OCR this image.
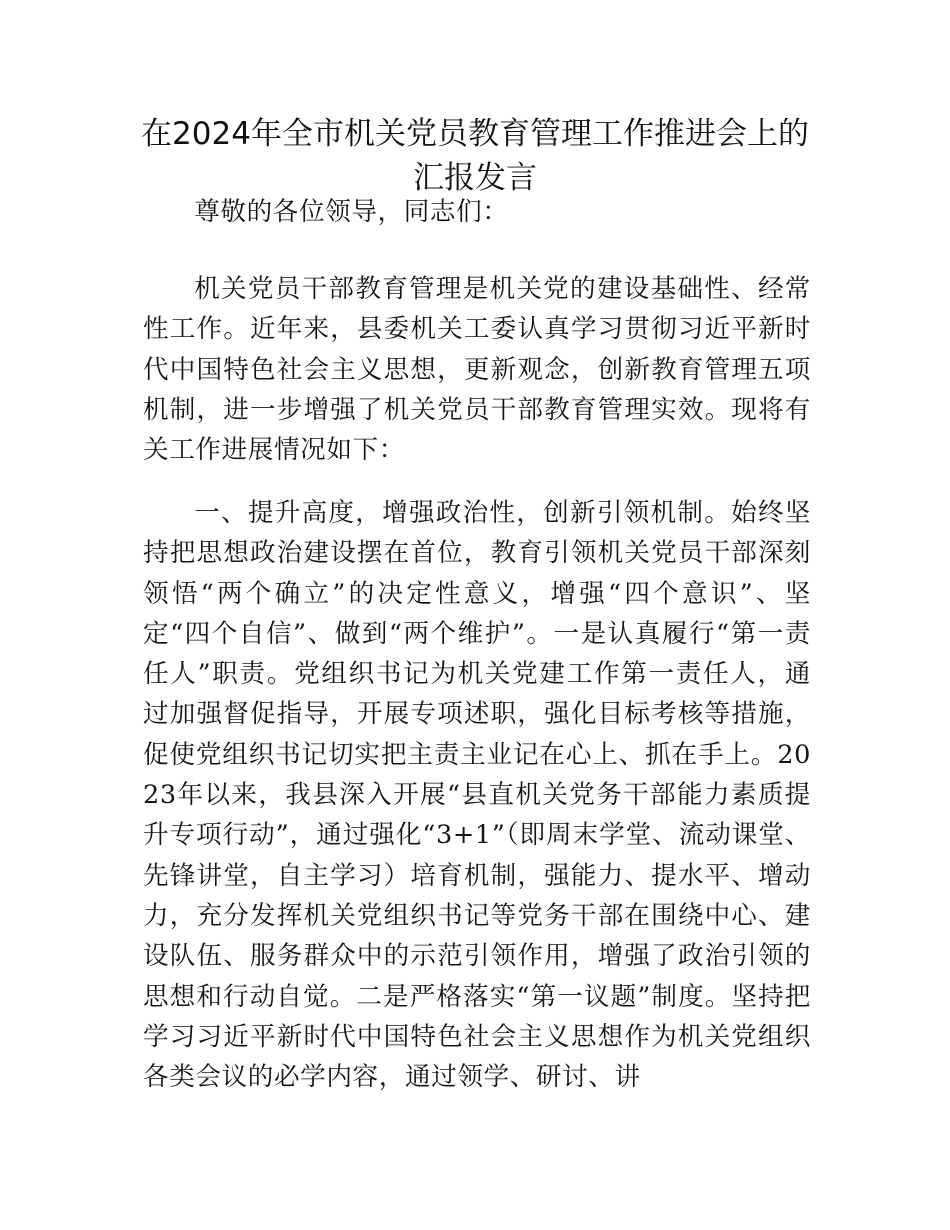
在2024年全市机关党员教育管理工作推进会上的汇报发言

尊敬的各位领导，同志们：

机关党员干部教育管理是机关党的建设基础性、经常性工作。近年来，县委机关工委认真学习贯彻习近平新时代中国特色社会主义思想，更新观念，创新教育管理五项机制，进一步增强了机关党员干部教育管理实效。现将有关工作进展情况如下：

一、提升高度，增强政治性，创新引领机制。始终坚持把思想政治建设摆在首位，教育引领机关党员干部深刻领悟“两个确立”的决定性意义，增强“四个意识”、坚定“四个自信”、做到“两个维护”。一是认真履行“第一责任人”职责。党组织书记为机关党建工作第一责任人，通过加强督促指导，开展专项述职，强化目标考核等措施，促使党组织书记切实把主责主业记在心上、抓在手上。2023年以来，我县深入开展“县直机关党务干部能力素质提升专项行动”，通过强化“3+1”（即周末学堂、流动课堂、先锋讲堂，自主学习）培育机制，强能力、提水平、增动力，充分发挥机关党组织书记等党务干部在围绕中心、建设队伍、服务群众中的示范引领作用，增强了政治引领的思想和行动自觉。二是严格落实“第一议题”制度。坚持把学习习近平新时代中国特色社会主义思想作为机关党组织各类会议的必学内容，通过领学、研讨、讲
